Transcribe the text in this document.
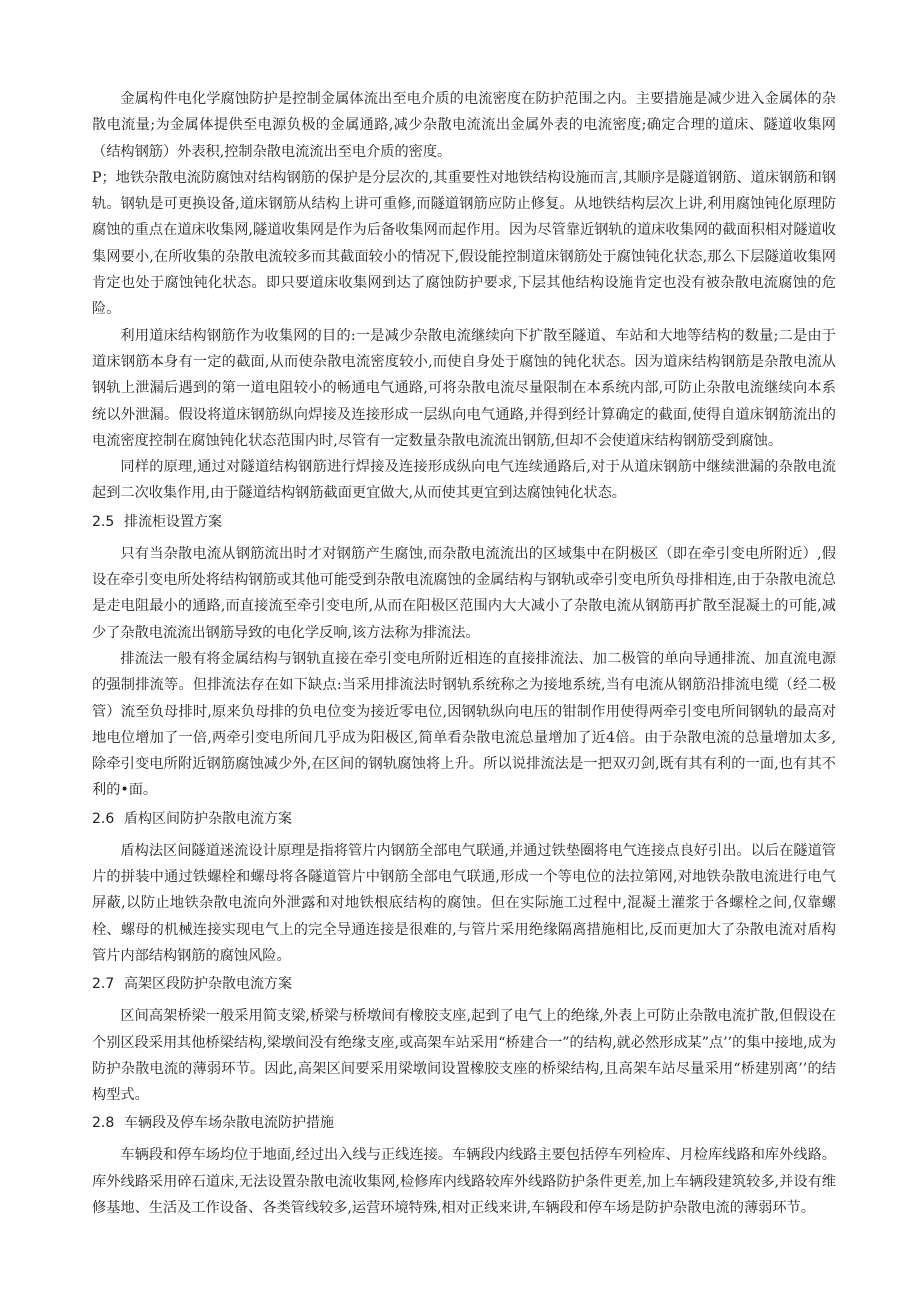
金属构件电化学腐蚀防护是控制金属体流出至电介质的电流密度在防护范围之内。主要措施是减少进入金属体的杂散电流量;为金属体提供至电源负极的金属通路,减少杂散电流流出金属外表的电流密度;确定合理的道床、隧道收集网（结构钢筋）外表积,控制杂散电流流出至电介质的密度。

P；地铁杂散电流防腐蚀对结构钢筋的保护是分层次的,其重要性对地铁结构设施而言,其顺序是隧道钢筋、道床钢筋和钢轨。钢轨是可更换设备,道床钢筋从结构上讲可重修,而隧道钢筋应防止修复。从地铁结构层次上讲,利用腐蚀钝化原理防腐蚀的重点在道床收集网,隧道收集网是作为后备收集网而起作用。因为尽管靠近钢轨的道床收集网的截面积相对隧道收集网要小,在所收集的杂散电流较多而其截面较小的情况下,假设能控制道床钢筋处于腐蚀钝化状态,那么下层隧道收集网肯定也处于腐蚀钝化状态。即只要道床收集网到达了腐蚀防护要求,下层其他结构设施肯定也没有被杂散电流腐蚀的危险。

利用道床结构钢筋作为收集网的目的:一是减少杂散电流继续向下扩散至隧道、车站和大地等结构的数量;二是由于道床钢筋本身有一定的截面,从而使杂散电流密度较小,而使自身处于腐蚀的钝化状态。因为道床结构钢筋是杂散电流从钢轨上泄漏后遇到的第一道电阻较小的畅通电气通路,可将杂散电流尽量限制在本系统内部,可防止杂散电流继续向本系统以外泄漏。假设将道床钢筋纵向焊接及连接形成一层纵向电气通路,并得到经计算确定的截面,使得自道床钢筋流出的电流密度控制在腐蚀钝化状态范围内时,尽管有一定数量杂散电流流出钢筋,但却不会使道床结构钢筋受到腐蚀。

同样的原理,通过对隧道结构钢筋进行焊接及连接形成纵向电气连续通路后,对于从道床钢筋中继续泄漏的杂散电流起到二次收集作用,由于隧道结构钢筋截面更宜做大,从而使其更宜到达腐蚀钝化状态。

2.5 排流柜设置方案

只有当杂散电流从钢筋流出时才对钢筋产生腐蚀,而杂散电流流出的区域集中在阴极区（即在牵引变电所附近）,假设在牵引变电所处将结构钢筋或其他可能受到杂散电流腐蚀的金属结构与钢轨或牵引变电所负母排相连,由于杂散电流总是走电阻最小的通路,而直接流至牵引变电所,从而在阳极区范围内大大减小了杂散电流从钢筋再扩散至混凝土的可能,减少了杂散电流流出钢筋导致的电化学反响,该方法称为排流法。

排流法一般有将金属结构与钢轨直接在牵引变电所附近相连的直接排流法、加二极管的单向导通排流、加直流电源的强制排流等。但排流法存在如下缺点:当采用排流法时钢轨系统称之为接地系统,当有电流从钢筋沿排流电缆（经二极管）流至负母排时,原来负母排的负电位变为接近零电位,因钢轨纵向电压的钳制作用使得两牵引变电所间钢轨的最高对地电位增加了一倍,两牵引变电所间几乎成为阳极区,简单看杂散电流总量增加了近4倍。由于杂散电流的总量增加太多,除牵引变电所附近钢筋腐蚀减少外,在区间的钢轨腐蚀将上升。所以说排流法是一把双刃剑,既有其有利的一面,也有其不利的•面。

2.6 盾构区间防护杂散电流方案

盾构法区间隧道迷流设计原理是指将管片内钢筋全部电气联通,并通过铁垫圈将电气连接点良好引出。以后在隧道管片的拼装中通过铁螺栓和螺母将各隧道管片中钢筋全部电气联通,形成一个等电位的法拉第网,对地铁杂散电流进行电气屏蔽,以防止地铁杂散电流向外泄露和对地铁根底结构的腐蚀。但在实际施工过程中,混凝土灌浆于各螺栓之间,仅靠螺栓、螺母的机械连接实现电气上的完全导通连接是很难的,与管片采用绝缘隔离措施相比,反而更加大了杂散电流对盾构管片内部结构钢筋的腐蚀风险。

2.7 高架区段防护杂散电流方案

区间高架桥梁一般采用简支梁,桥梁与桥墩间有橡胶支座,起到了电气上的绝缘,外表上可防止杂散电流扩散,但假设在个别区段采用其他桥梁结构,梁墩间没有绝缘支座,或高架车站采用“桥建合一”的结构,就必然形成某”点’’的集中接地,成为防护杂散电流的薄弱环节。因此,高架区间要采用梁墩间设置橡胶支座的桥梁结构,且高架车站尽量采用“桥建别离’’的结构型式。

2.8 车辆段及停车场杂散电流防护措施

车辆段和停车场均位于地面,经过出入线与正线连接。车辆段内线路主要包括停车列检库、月检库线路和库外线路。库外线路采用碎石道床,无法设置杂散电流收集网,检修库内线路较库外线路防护条件更差,加上车辆段建筑较多,并设有维修基地、生活及工作设备、各类管线较多,运营环境特殊,相对正线来讲,车辆段和停车场是防护杂散电流的薄弱环节。
